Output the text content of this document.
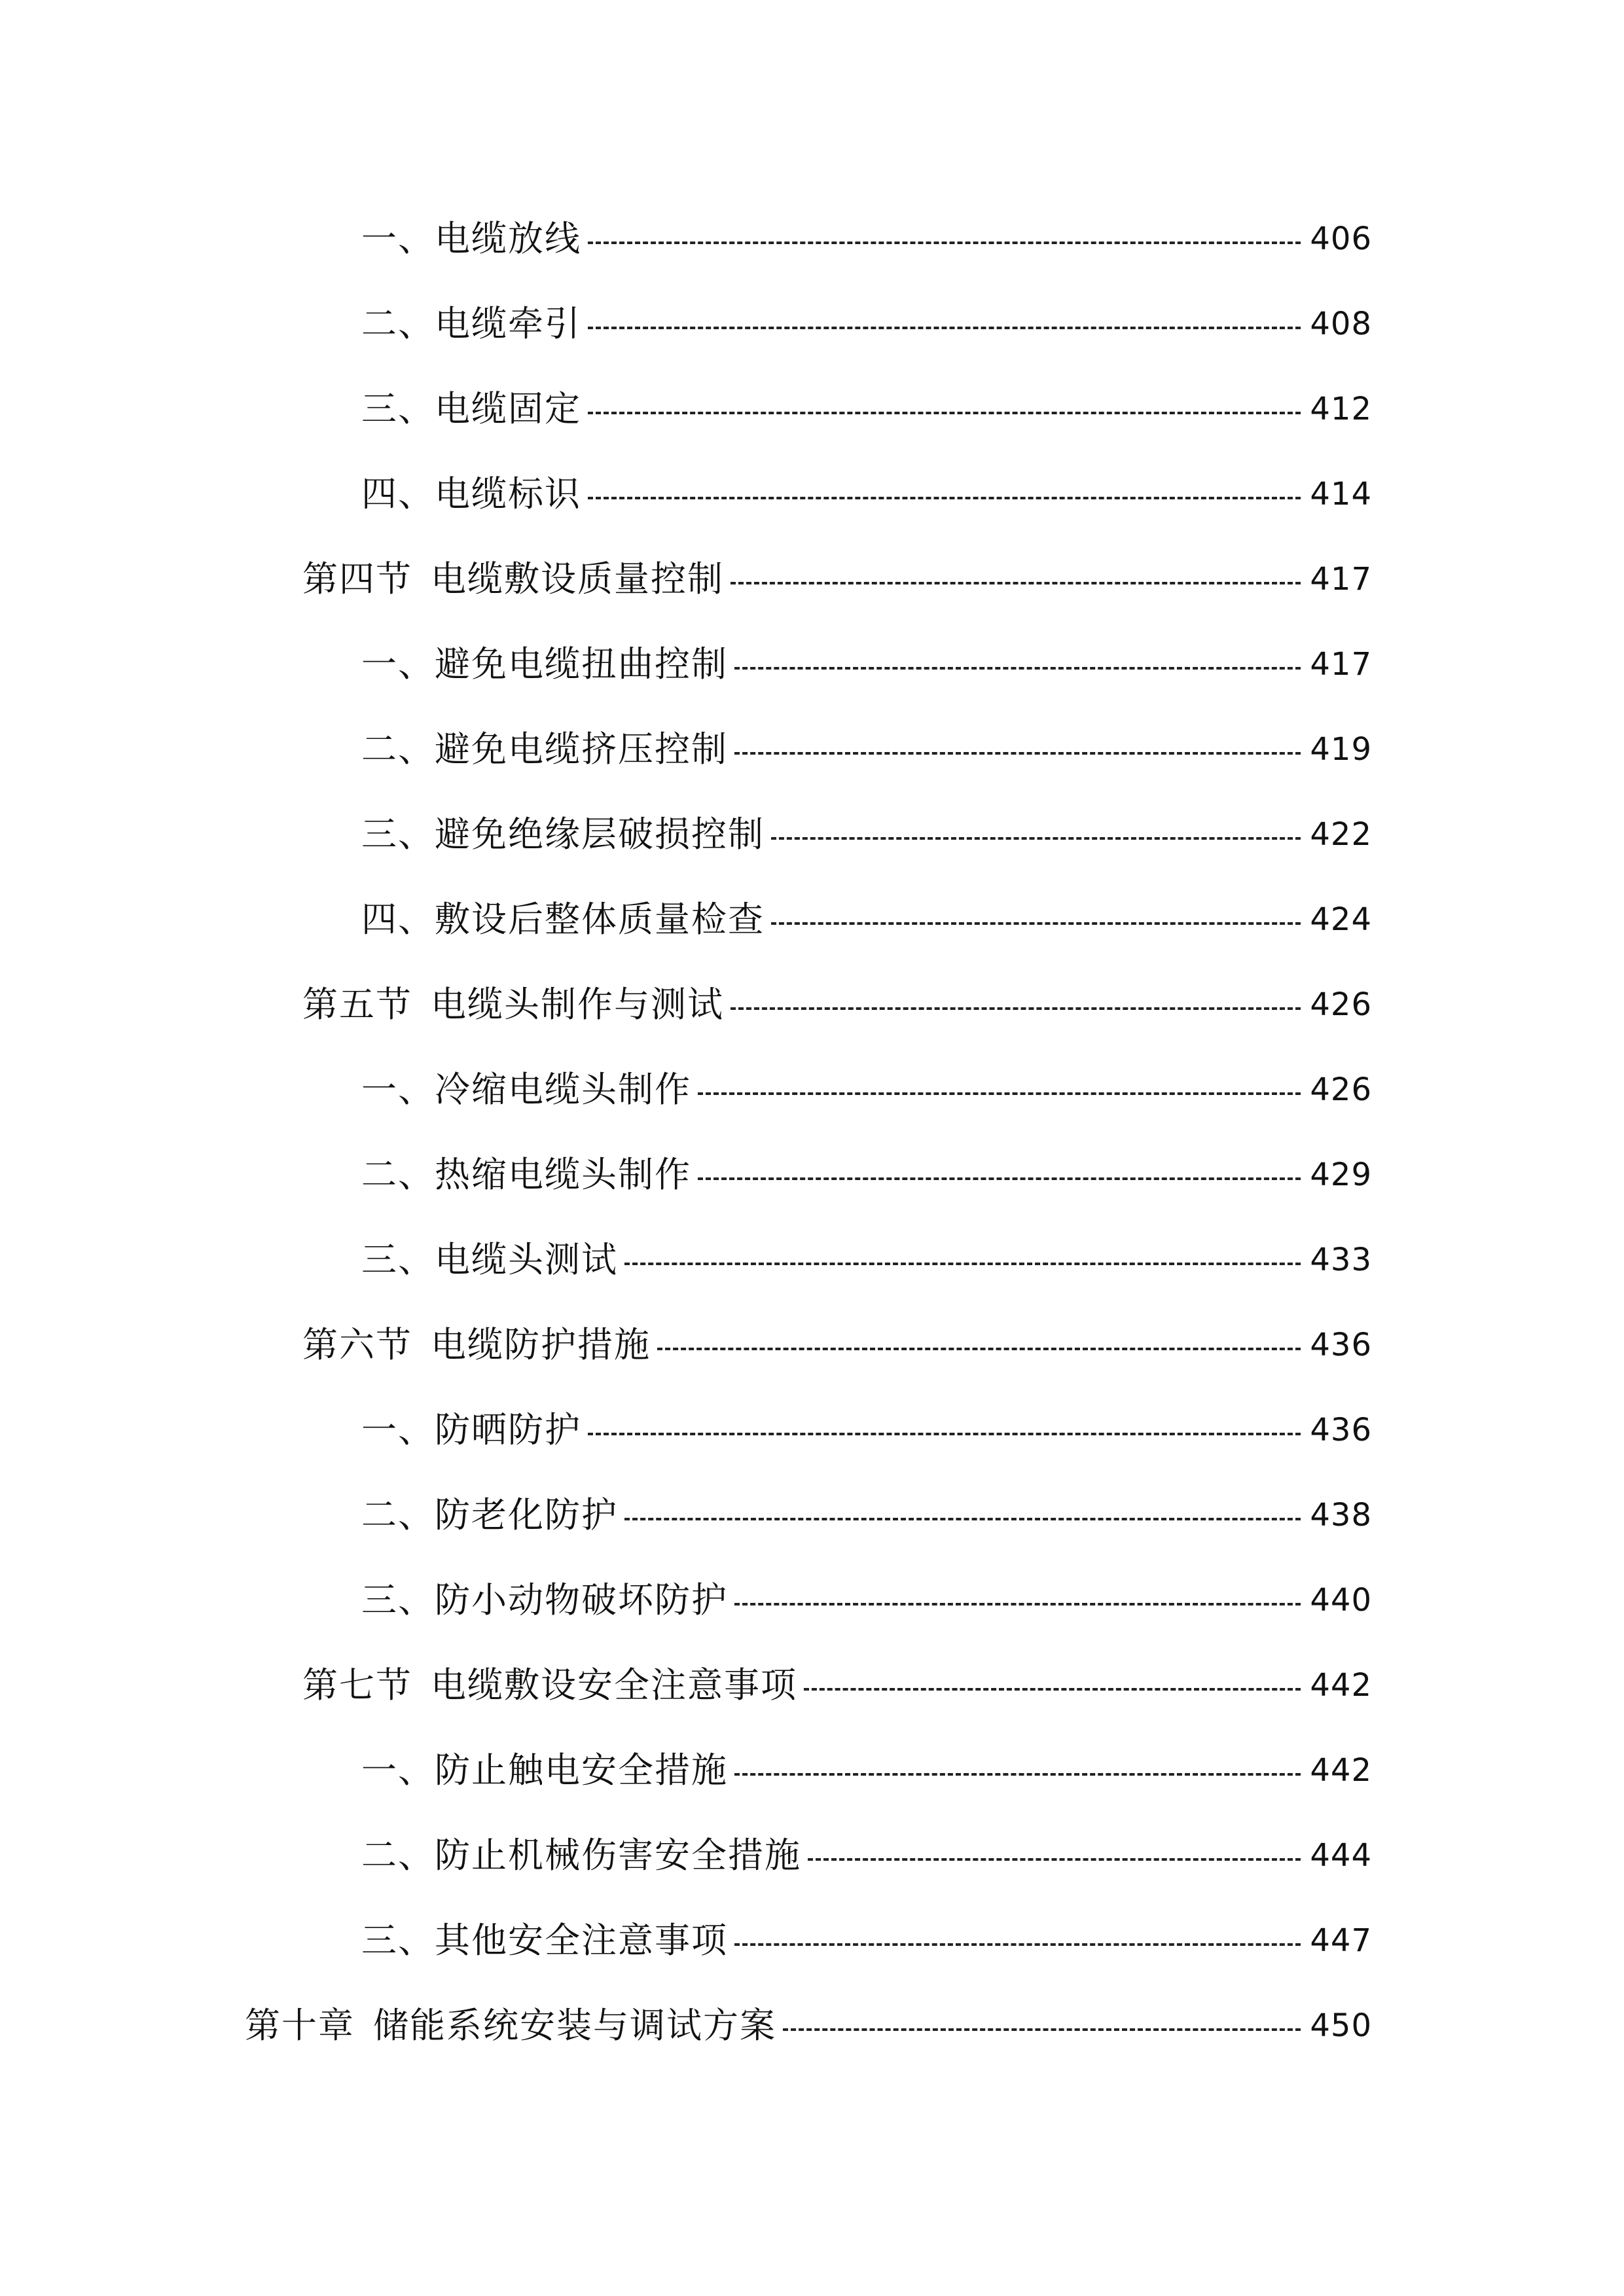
一、电缆放线	406
二、电缆牵引	408
三、电缆固定	412
四、电缆标识	414
第四节 电缆敷设质量控制	417
一、避免电缆扭曲控制	417
二、避免电缆挤压控制	419
三、避免绝缘层破损控制	422
四、敷设后整体质量检查	424
第五节 电缆头制作与测试	426
一、冷缩电缆头制作	426
二、热缩电缆头制作	429
三、电缆头测试	433
第六节 电缆防护措施	436
一、防晒防护	436
二、防老化防护	438
三、防小动物破坏防护	440
第七节 电缆敷设安全注意事项	442
一、防止触电安全措施	442
二、防止机械伤害安全措施	444
三、其他安全注意事项	447
第十章 储能系统安装与调试方案	450
